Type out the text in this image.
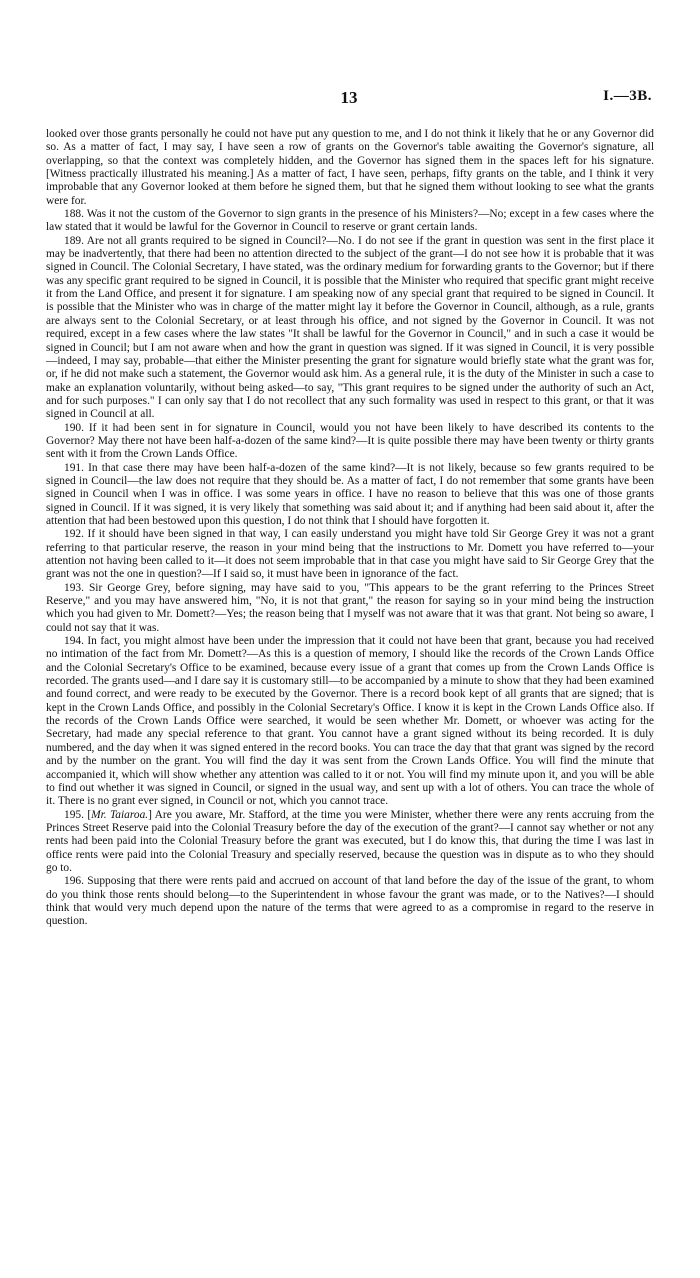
13	I.—3B.

looked over those grants personally he could not have put any question to me, and I do not think it likely that he or any Governor did so. As a matter of fact, I may say, I have seen a row of grants on the Governor's table awaiting the Governor's signature, all overlapping, so that the context was completely hidden, and the Governor has signed them in the spaces left for his signature. [Witness practically illustrated his meaning.] As a matter of fact, I have seen, perhaps, fifty grants on the table, and I think it very improbable that any Governor looked at them before he signed them, but that he signed them without looking to see what the grants were for.

188. Was it not the custom of the Governor to sign grants in the presence of his Ministers?—No; except in a few cases where the law stated that it would be lawful for the Governor in Council to reserve or grant certain lands.

189. Are not all grants required to be signed in Council?—No. I do not see if the grant in question was sent in the first place it may be inadvertently, that there had been no attention directed to the subject of the grant—I do not see how it is probable that it was signed in Council. The Colonial Secretary, I have stated, was the ordinary medium for forwarding grants to the Governor; but if there was any specific grant required to be signed in Council, it is possible that the Minister who required that specific grant might receive it from the Land Office, and present it for signature. I am speaking now of any special grant that required to be signed in Council. It is possible that the Minister who was in charge of the matter might lay it before the Governor in Council, although, as a rule, grants are always sent to the Colonial Secretary, or at least through his office, and not signed by the Governor in Council. It was not required, except in a few cases where the law states "It shall be lawful for the Governor in Council," and in such a case it would be signed in Council; but I am not aware when and how the grant in question was signed. If it was signed in Council, it is very possible—indeed, I may say, probable—that either the Minister presenting the grant for signature would briefly state what the grant was for, or, if he did not make such a statement, the Governor would ask him. As a general rule, it is the duty of the Minister in such a case to make an explanation voluntarily, without being asked—to say, "This grant requires to be signed under the authority of such an Act, and for such purposes." I can only say that I do not recollect that any such formality was used in respect to this grant, or that it was signed in Council at all.

190. If it had been sent in for signature in Council, would you not have been likely to have described its contents to the Governor? May there not have been half-a-dozen of the same kind?—It is quite possible there may have been twenty or thirty grants sent with it from the Crown Lands Office.

191. In that case there may have been half-a-dozen of the same kind?—It is not likely, because so few grants required to be signed in Council—the law does not require that they should be. As a matter of fact, I do not remember that some grants have been signed in Council when I was in office. I was some years in office. I have no reason to believe that this was one of those grants signed in Council. If it was signed, it is very likely that something was said about it; and if anything had been said about it, after the attention that had been bestowed upon this question, I do not think that I should have forgotten it.

192. If it should have been signed in that way, I can easily understand you might have told Sir George Grey it was not a grant referring to that particular reserve, the reason in your mind being that the instructions to Mr. Domett you have referred to—your attention not having been called to it—it does not seem improbable that in that case you might have said to Sir George Grey that the grant was not the one in question?—If I said so, it must have been in ignorance of the fact.

193. Sir George Grey, before signing, may have said to you, "This appears to be the grant referring to the Princes Street Reserve," and you may have answered him, "No, it is not that grant," the reason for saying so in your mind being the instruction which you had given to Mr. Domett?—Yes; the reason being that I myself was not aware that it was that grant. Not being so aware, I could not say that it was.

194. In fact, you might almost have been under the impression that it could not have been that grant, because you had received no intimation of the fact from Mr. Domett?—As this is a question of memory, I should like the records of the Crown Lands Office and the Colonial Secretary's Office to be examined, because every issue of a grant that comes up from the Crown Lands Office is recorded. The grants used—and I dare say it is customary still—to be accompanied by a minute to show that they had been examined and found correct, and were ready to be executed by the Governor. There is a record book kept of all grants that are signed; that is kept in the Crown Lands Office, and possibly in the Colonial Secretary's Office. I know it is kept in the Crown Lands Office also. If the records of the Crown Lands Office were searched, it would be seen whether Mr. Domett, or whoever was acting for the Secretary, had made any special reference to that grant. You cannot have a grant signed without its being recorded. It is duly numbered, and the day when it was signed entered in the record books. You can trace the day that that grant was signed by the record and by the number on the grant. You will find the day it was sent from the Crown Lands Office. You will find the minute that accompanied it, which will show whether any attention was called to it or not. You will find my minute upon it, and you will be able to find out whether it was signed in Council, or signed in the usual way, and sent up with a lot of others. You can trace the whole of it. There is no grant ever signed, in Council or not, which you cannot trace.

195. [Mr. Taiaroa.] Are you aware, Mr. Stafford, at the time you were Minister, whether there were any rents accruing from the Princes Street Reserve paid into the Colonial Treasury before the day of the execution of the grant?—I cannot say whether or not any rents had been paid into the Colonial Treasury before the grant was executed, but I do know this, that during the time I was last in office rents were paid into the Colonial Treasury and specially reserved, because the question was in dispute as to who they should go to.

196. Supposing that there were rents paid and accrued on account of that land before the day of the issue of the grant, to whom do you think those rents should belong—to the Superintendent in whose favour the grant was made, or to the Natives?—I should think that would very much depend upon the nature of the terms that were agreed to as a compromise in regard to the reserve in question.
